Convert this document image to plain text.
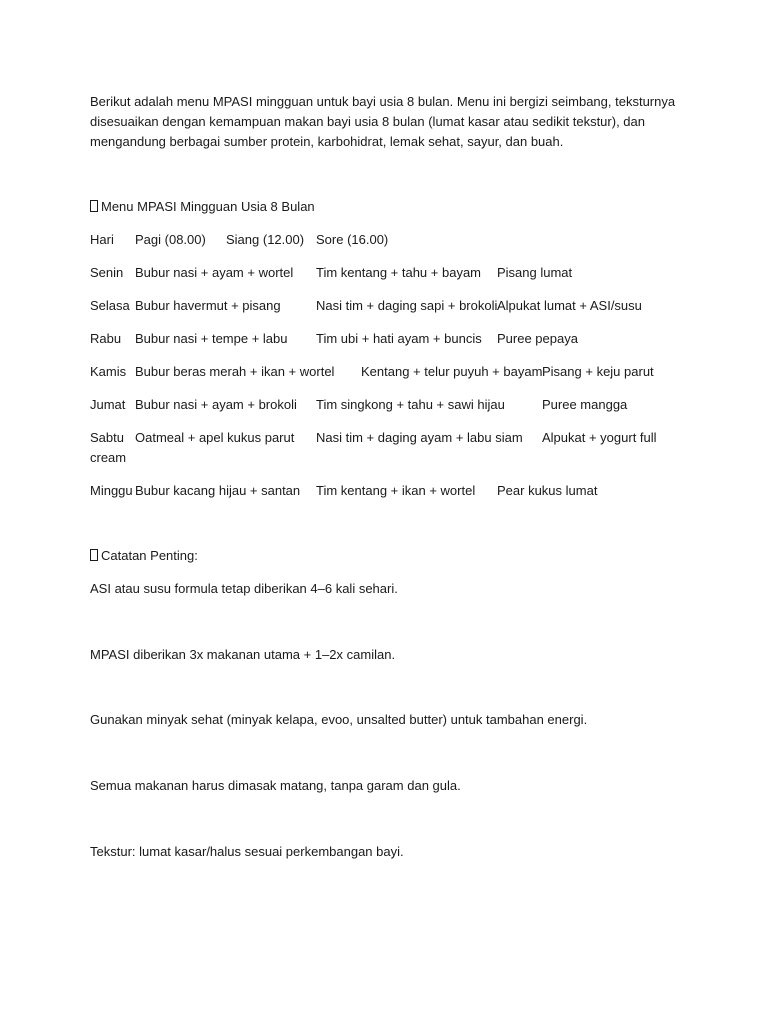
Berikut adalah menu MPASI mingguan untuk bayi usia 8 bulan. Menu ini bergizi seimbang, teksturnya disesuaikan dengan kemampuan makan bayi usia 8 bulan (lumat kasar atau sedikit tekstur), dan mengandung berbagai sumber protein, karbohidrat, lemak sehat, sayur, dan buah.

Menu MPASI Mingguan Usia 8 Bulan
Hari Pagi (08.00) Siang (12.00) Sore (16.00)
Senin Bubur nasi + ayam + wortel Tim kentang + tahu + bayam Pisang lumat
Selasa Bubur havermut + pisang	Nasi tim + daging sapi + brokoli Alpukat lumat + ASI/susu
Rabu Bubur nasi + tempe + labu Tim ubi + hati ayam + buncis Puree pepaya
Kamis Bubur beras merah + ikan + wortel Kentang + telur puyuh + bayam Pisang + keju parut
Jumat Bubur nasi + ayam + brokoli Tim singkong + tahu + sawi hijau	Puree mangga
Sabtu Oatmeal + apel kukus parut Nasi tim + daging ayam + labu siam Alpukat + yogurt full
cream
Minggu Bubur kacang hijau + santan Tim kentang + ikan + wortel Pear kukus lumat
Catatan Penting:
ASI atau susu formula tetap diberikan 4–6 kali sehari.
MPASI diberikan 3x makanan utama + 1–2x camilan.
Gunakan minyak sehat (minyak kelapa, evoo, unsalted butter) untuk tambahan energi.
Semua makanan harus dimasak matang, tanpa garam dan gula.
Tekstur: lumat kasar/halus sesuai perkembangan bayi.
